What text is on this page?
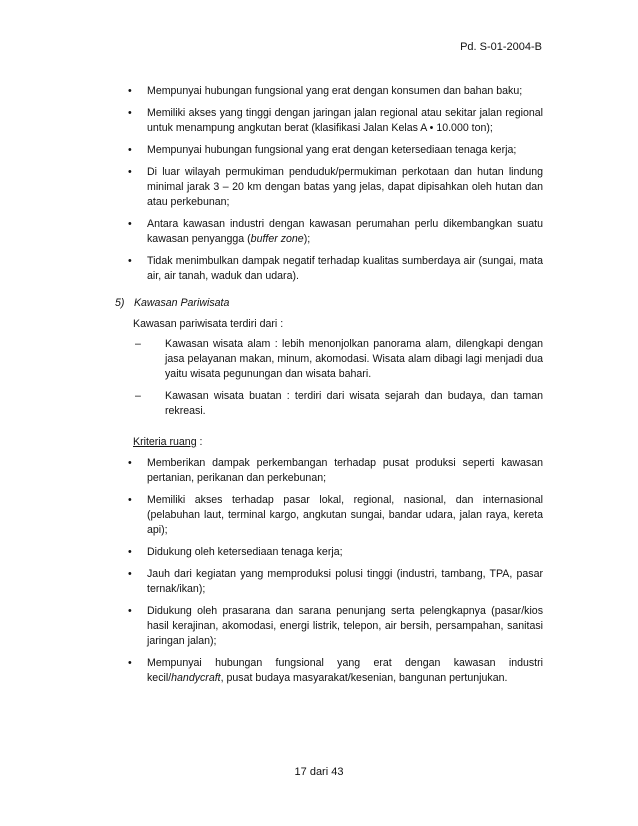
Pd. S-01-2004-B
• Mempunyai hubungan fungsional yang erat dengan konsumen dan bahan baku;
• Memiliki akses yang tinggi dengan jaringan jalan regional atau sekitar jalan regional untuk menampung angkutan berat (klasifikasi Jalan Kelas A • 10.000 ton);
• Mempunyai hubungan fungsional yang erat dengan ketersediaan tenaga kerja;
• Di luar wilayah permukiman penduduk/permukiman perkotaan dan hutan lindung minimal jarak 3 – 20 km dengan batas yang jelas, dapat dipisahkan oleh hutan dan atau perkebunan;
• Antara kawasan industri dengan kawasan perumahan perlu dikembangkan suatu kawasan penyangga (buffer zone);
• Tidak menimbulkan dampak negatif terhadap kualitas sumberdaya air (sungai, mata air, air tanah, waduk dan udara).
5) Kawasan Pariwisata
Kawasan pariwisata terdiri dari :
– Kawasan wisata alam : lebih menonjolkan panorama alam, dilengkapi dengan jasa pelayanan makan, minum, akomodasi. Wisata alam dibagi lagi menjadi dua yaitu wisata pegunungan dan wisata bahari.
– Kawasan wisata buatan : terdiri dari wisata sejarah dan budaya, dan taman rekreasi.
Kriteria ruang :
• Memberikan dampak perkembangan terhadap pusat produksi seperti kawasan pertanian, perikanan dan perkebunan;
• Memiliki akses terhadap pasar lokal, regional, nasional, dan internasional (pelabuhan laut, terminal kargo, angkutan sungai, bandar udara, jalan raya, kereta api);
• Didukung oleh ketersediaan tenaga kerja;
• Jauh dari kegiatan yang memproduksi polusi tinggi (industri, tambang, TPA, pasar ternak/ikan);
• Didukung oleh prasarana dan sarana penunjang serta pelengkapnya (pasar/kios hasil kerajinan, akomodasi, energi listrik, telepon, air bersih, persampahan, sanitasi jaringan jalan);
• Mempunyai hubungan fungsional yang erat dengan kawasan industri kecil/handycraft, pusat budaya masyarakat/kesenian, bangunan pertunjukan.
17 dari 43
